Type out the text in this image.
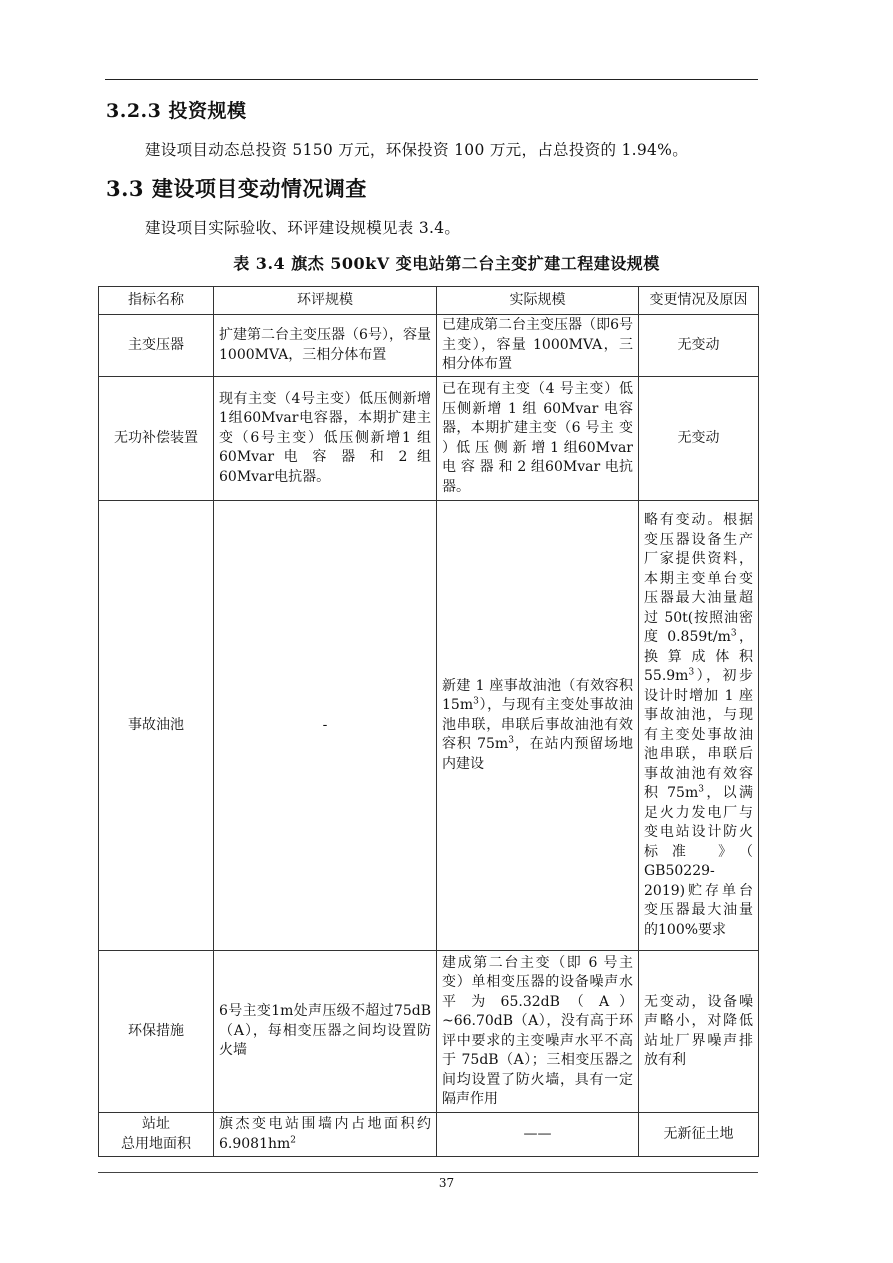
3.2.3 投资规模

建设项目动态总投资 5150 万元，环保投资 100 万元，占总投资的 1.94%。

3.3 建设项目变动情况调查

建设项目实际验收、环评建设规模见表 3.4。

表 3.4 旗杰 500kV 变电站第二台主变扩建工程建设规模

指标名称	环评规模	实际规模	变更情况及原因
主变压器	扩建第二台主变压器（6号），容量1000MVA，三相分体布置	已建成第二台主变压器（即6号主变），容量 1000MVA，三相分体布置	无变动
无功补偿装置	现有主变（4号主变）低压侧新增1组60Mvar电容器，本期扩建主变（6号主变）低压侧新增1 组 60Mvar 电 容 器 和 2 组60Mvar电抗器。	已在现有主变（4 号主变）低压侧新增 1 组 60Mvar 电容器，本期扩建主变（6 号主 变 ）低 压 侧 新 增 1 组60Mvar 电 容 器 和 2 组60Mvar 电抗器。	无变动
事故油池	-	新建 1 座事故油池（有效容积 $15m^3$），与现有主变处事故油池串联，串联后事故油池有效容积 $75m^3$，在站内预留场地内建设	略有变动。根据变压器设备生产厂家提供资料，本期主变单台变压器最大油量超过 50t(按照油密度 $0.859t/m^3$，换 算 成 体 积$55.9m^3$），初步设计时增加 1 座事故油池，与现有主变处事故油池串联，串联后事故油池有效容积 $75m^3$，以满足火力发电厂与变电站设计防火标准 》（ GB50229-2019)贮存单台变压器最大油量的100%要求
环保措施	6号主变1m处声压级不超过75dB（A），每相变压器之间均设置防火墙	建成第二台主变（即 6 号主变）单相变压器的设备噪声水 平 为 65.32dB （ A ）~66.70dB（A），没有高于环评中要求的主变噪声水平不高于 75dB（A）；三相变压器之间均设置了防火墙，具有一定隔声作用	无变动，设备噪声略小，对降低站址厂界噪声排放有利
站址
总用地面积	旗杰变电站围墙内占地面积约$6.9081hm^2$	——	无新征土地
37
